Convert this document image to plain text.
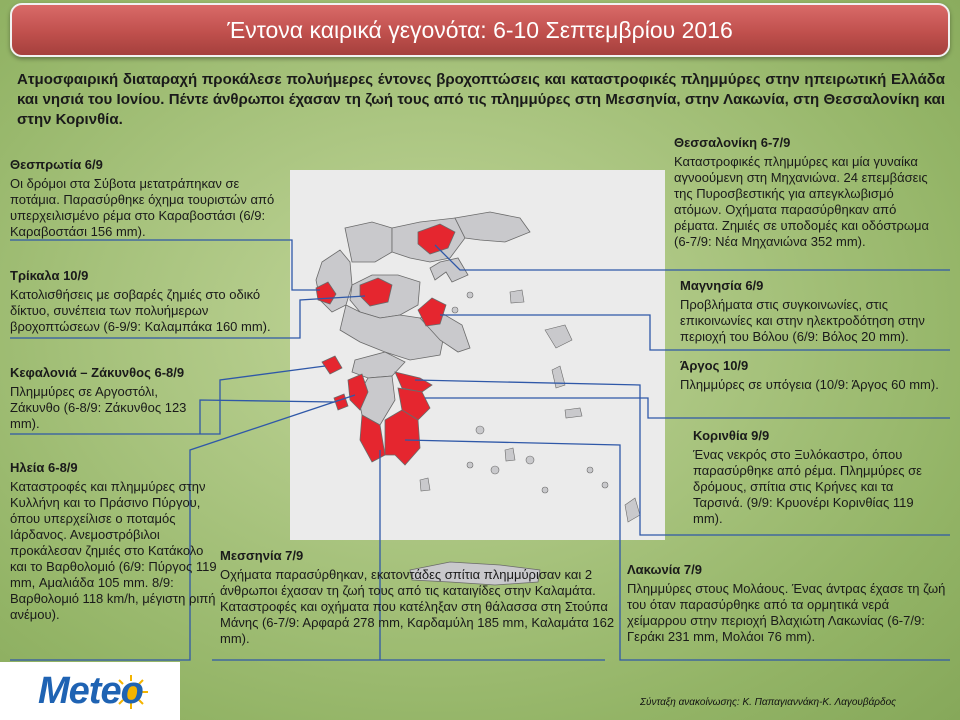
Έντονα καιρικά γεγονότα: 6-10 Σεπτεμβρίου 2016
Ατμοσφαιρική διαταραχή προκάλεσε πολυήμερες έντονες βροχοπτώσεις και καταστροφικές πλημμύρες στην ηπειρωτική Ελλάδα και νησιά του Ιονίου. Πέντε άνθρωποι έχασαν τη ζωή τους από τις πλημμύρες στη Μεσσηνία, στην Λακωνία, στη Θεσσαλονίκη και στην Κορινθία.
Θεσπρωτία 6/9
Οι δρόμοι στα Σύβοτα μετατράπηκαν σε ποτάμια. Παρασύρθηκε όχημα τουριστών από υπερχειλισμένο ρέμα στο Καραβοστάσι (6/9: Καραβοστάσι 156 mm).
Τρίκαλα 10/9
Κατολισθήσεις με σοβαρές ζημιές στο οδικό δίκτυο, συνέπεια των πολυήμερων βροχοπτώσεων (6-9/9: Καλαμπάκα 160 mm).
Κεφαλονιά – Ζάκυνθος 6-8/9
Πλημμύρες σε Αργοστόλι, Ζάκυνθο (6-8/9: Ζάκυνθος 123 mm).
Ηλεία 6-8/9
Καταστροφές και πλημμύρες στην Κυλλήνη και το Πράσινο Πύργου, όπου υπερχείλισε ο ποταμός Ιάρδανος. Ανεμοστρόβιλοι προκάλεσαν ζημιές στο Κατάκολο και το Βαρθολομιό (6/9: Πύργος 119 mm, Αμαλιάδα 105 mm. 8/9: Βαρθολομιό 118 km/h, μέγιστη ριπή ανέμου).
Μεσσηνία 7/9
Οχήματα παρασύρθηκαν, εκατοντάδες σπίτια πλημμύρισαν και 2 άνθρωποι έχασαν τη ζωή τους από τις καταιγίδες στην Καλαμάτα. Καταστροφές και οχήματα που κατέληξαν στη θάλασσα στη Στούπα Μάνης (6-7/9: Αρφαρά 278 mm, Καρδαμύλη 185 mm, Καλαμάτα 162 mm).
Θεσσαλονίκη 6-7/9
Καταστροφικές πλημμύρες και μία γυναίκα αγνοούμενη στη Μηχανιώνα. 24 επεμβάσεις της Πυροσβεστικής για απεγκλωβισμό ατόμων. Οχήματα παρασύρθηκαν από ρέματα. Ζημιές σε υποδομές και οδόστρωμα (6-7/9: Νέα Μηχανιώνα 352 mm).
Μαγνησία 6/9
Προβλήματα στις συγκοινωνίες, στις επικοινωνίες και στην ηλεκτροδότηση στην περιοχή του Βόλου (6/9: Βόλος 20 mm).
Άργος 10/9
Πλημμύρες σε υπόγεια (10/9: Άργος 60 mm).
Κορινθία 9/9
Ένας νεκρός στο Ξυλόκαστρο, όπου παρασύρθηκε από ρέμα. Πλημμύρες σε δρόμους, σπίτια στις Κρήνες και τα Ταρσινά. (9/9: Κρυονέρι Κορινθίας 119 mm).
Λακωνία 7/9
Πλημμύρες στους Μολάους. Ένας άντρας έχασε τη ζωή του όταν παρασύρθηκε από τα ορμητικά νερά χείμαρρου στην περιοχή Βλαχιώτη Λακωνίας (6-7/9: Γεράκι 231 mm, Μολάοι 76 mm).
Meteo	Σύνταξη ανακοίνωσης: Κ. Παπαγιαννάκη-Κ. Λαγουβάρδος
